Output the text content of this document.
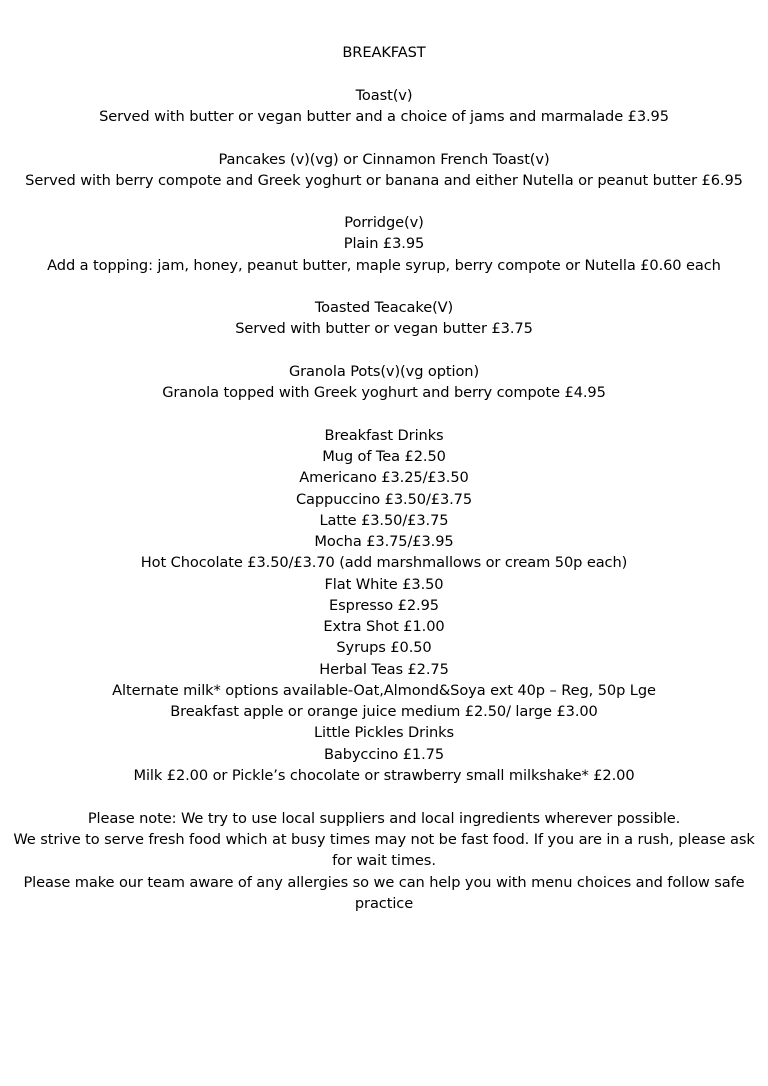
BREAKFAST
Toast(v)
Served with butter or vegan butter and a choice of jams and marmalade £3.95
Pancakes (v)(vg) or Cinnamon French Toast(v)
Served with berry compote and Greek yoghurt or banana and either Nutella or peanut butter £6.95
Porridge(v)
Plain £3.95
Add a topping: jam, honey, peanut butter, maple syrup, berry compote or Nutella £0.60 each
Toasted Teacake(V)
Served with butter or vegan butter £3.75
Granola Pots(v)(vg option)
Granola topped with Greek yoghurt and berry compote £4.95
Breakfast Drinks
Mug of Tea £2.50
Americano £3.25/£3.50
Cappuccino £3.50/£3.75
Latte £3.50/£3.75
Mocha £3.75/£3.95
Hot Chocolate £3.50/£3.70 (add marshmallows or cream 50p each)
Flat White £3.50
Espresso £2.95
Extra Shot £1.00
Syrups £0.50
Herbal Teas £2.75
Alternate milk* options available-Oat,Almond&Soya ext 40p – Reg, 50p Lge
Breakfast apple or orange juice medium £2.50/ large £3.00
Little Pickles Drinks
Babyccino £1.75
Milk £2.00 or Pickle’s chocolate or strawberry small milkshake* £2.00
Please note: We try to use local suppliers and local ingredients wherever possible.
We strive to serve fresh food which at busy times may not be fast food. If you are in a rush, please ask for wait times.
Please make our team aware of any allergies so we can help you with menu choices and follow safe practice
